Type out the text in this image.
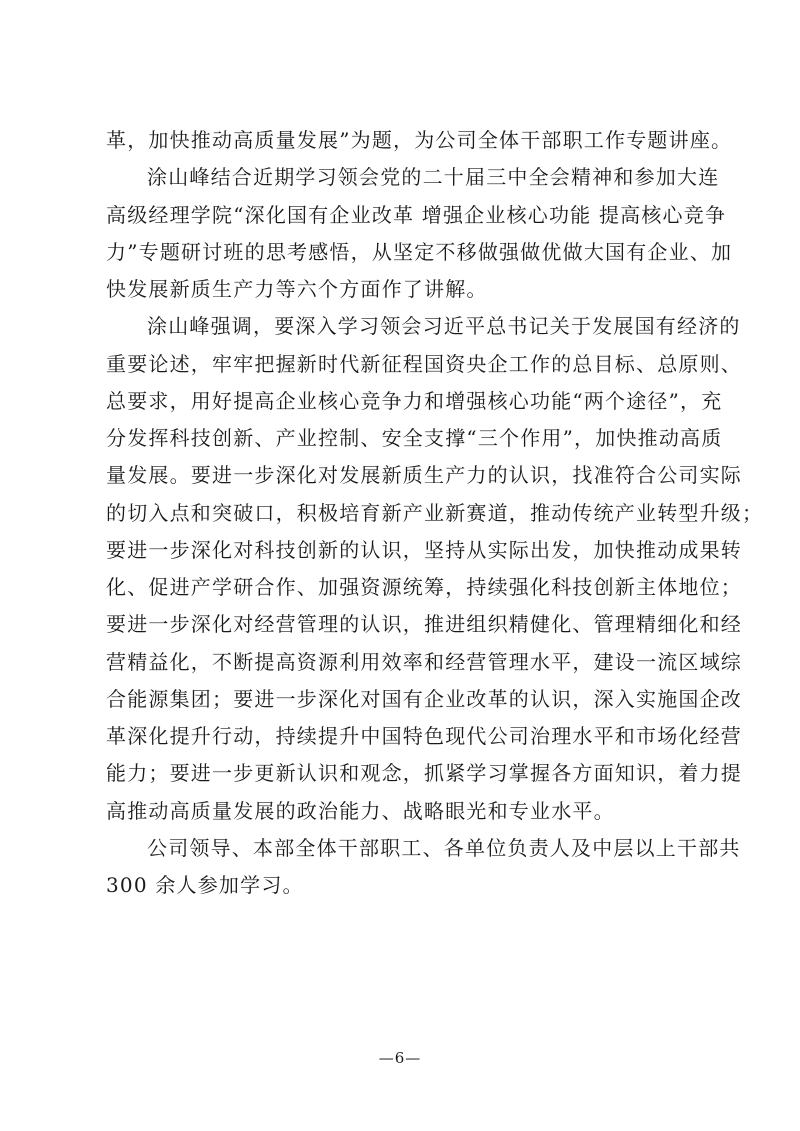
革，加快推动高质量发展”为题，为公司全体干部职工作专题讲座。
涂山峰结合近期学习领会党的二十届三中全会精神和参加大连
高级经理学院“深化国有企业改革 增强企业核心功能 提高核心竞争
力”专题研讨班的思考感悟，从坚定不移做强做优做大国有企业、加
快发展新质生产力等六个方面作了讲解。
涂山峰强调，要深入学习领会习近平总书记关于发展国有经济的
重要论述，牢牢把握新时代新征程国资央企工作的总目标、总原则、
总要求，用好提高企业核心竞争力和增强核心功能“两个途径”，充
分发挥科技创新、产业控制、安全支撑“三个作用”，加快推动高质
量发展。要进一步深化对发展新质生产力的认识，找准符合公司实际
的切入点和突破口，积极培育新产业新赛道，推动传统产业转型升级；
要进一步深化对科技创新的认识，坚持从实际出发，加快推动成果转
化、促进产学研合作、加强资源统筹，持续强化科技创新主体地位；
要进一步深化对经营管理的认识，推进组织精健化、管理精细化和经
营精益化，不断提高资源利用效率和经营管理水平，建设一流区域综
合能源集团；要进一步深化对国有企业改革的认识，深入实施国企改
革深化提升行动，持续提升中国特色现代公司治理水平和市场化经营
能力；要进一步更新认识和观念，抓紧学习掌握各方面知识，着力提
高推动高质量发展的政治能力、战略眼光和专业水平。
公司领导、本部全体干部职工、各单位负责人及中层以上干部共
300 余人参加学习。
—6—
